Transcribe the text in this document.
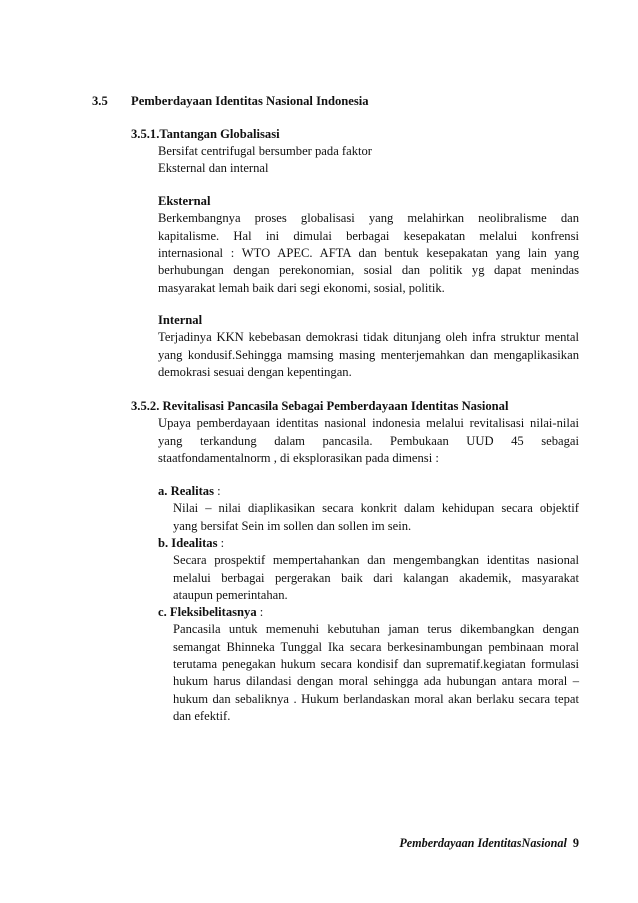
3.5 Pemberdayaan Identitas Nasional Indonesia
3.5.1.Tantangan Globalisasi
Bersifat centrifugal bersumber pada faktor
Eksternal dan internal
Eksternal
Berkembangnya proses globalisasi yang melahirkan neolibralisme dan
kapitalisme. Hal ini dimulai berbagai kesepakatan melalui konfrensi
internasional : WTO APEC. AFTA dan bentuk kesepakatan yang lain yang
berhubungan dengan perekonomian, sosial dan politik yg dapat menindas
masyarakat lemah baik dari segi ekonomi, sosial, politik.
Internal
Terjadinya KKN kebebasan demokrasi tidak ditunjang oleh infra struktur mental
yang kondusif.Sehingga mamsing masing menterjemahkan dan mengaplikasikan
demokrasi sesuai dengan kepentingan.
3.5.2. Revitalisasi Pancasila Sebagai Pemberdayaan Identitas Nasional
Upaya pemberdayaan identitas nasional indonesia melalui revitalisasi nilai-nilai
yang terkandung dalam pancasila. Pembukaan UUD 45 sebagai
staatfondamentalnorm , di eksplorasikan pada dimensi :
a. Realitas :
Nilai – nilai diaplikasikan secara konkrit dalam kehidupan secara objektif
yang bersifat Sein im sollen dan sollen im sein.
b. Idealitas :
Secara prospektif mempertahankan dan mengembangkan identitas nasional
melalui berbagai pergerakan baik dari kalangan akademik, masyarakat
ataupun pemerintahan.
c. Fleksibelitasnya :
Pancasila untuk memenuhi kebutuhan jaman terus dikembangkan dengan
semangat Bhinneka Tunggal Ika secara berkesinambungan pembinaan moral
terutama penegakan hukum secara kondisif dan suprematif.kegiatan formulasi
hukum harus dilandasi dengan moral sehingga ada hubungan antara moral –
hukum dan sebaliknya . Hukum berlandaskan moral akan berlaku secara tepat
dan efektif.
Pemberdayaan IdentitasNasional 9
